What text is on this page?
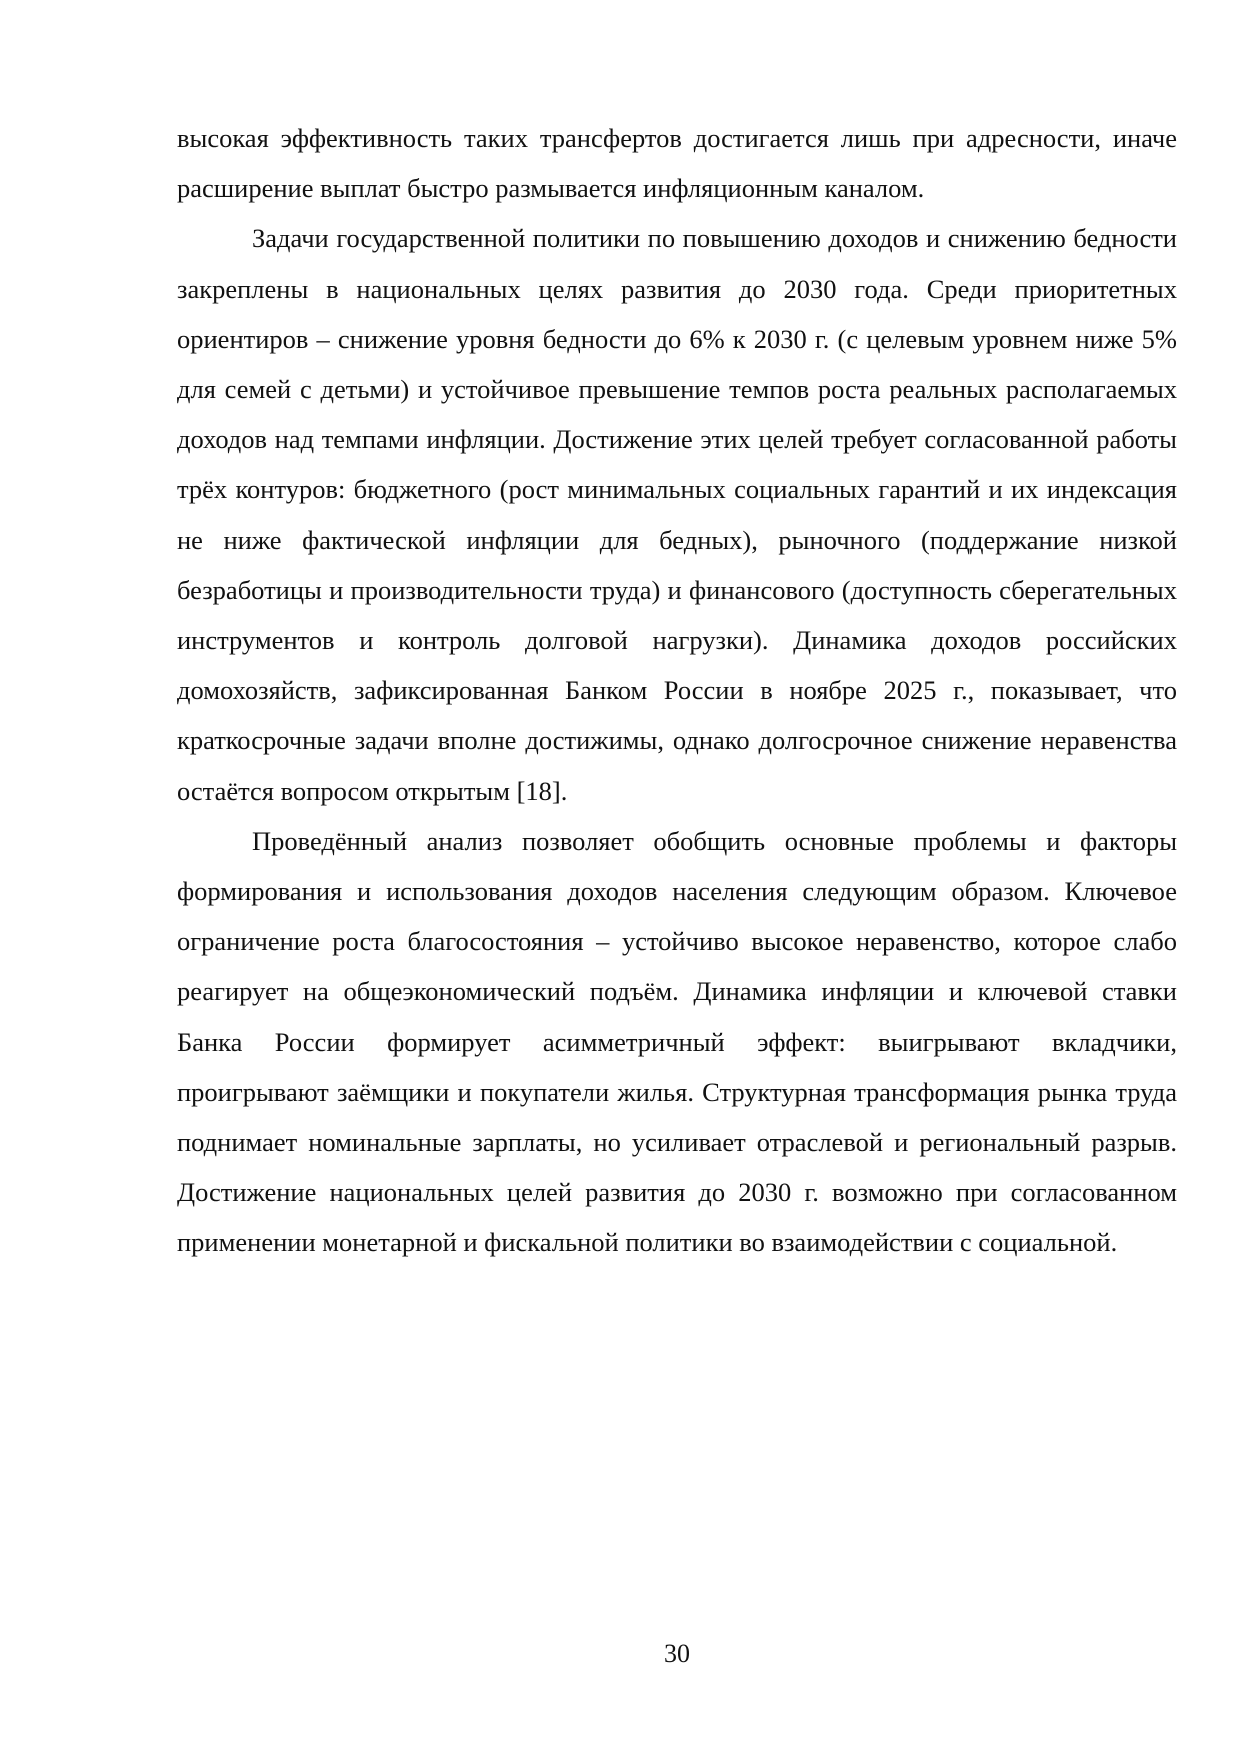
высокая эффективность таких трансфертов достигается лишь при адресности, иначе расширение выплат быстро размывается инфляционным каналом.

Задачи государственной политики по повышению доходов и снижению бедности закреплены в национальных целях развития до 2030 года. Среди приоритетных ориентиров – снижение уровня бедности до 6% к 2030 г. (с целевым уровнем ниже 5% для семей с детьми) и устойчивое превышение темпов роста реальных располагаемых доходов над темпами инфляции. Достижение этих целей требует согласованной работы трёх контуров: бюджетного (рост минимальных социальных гарантий и их индексация не ниже фактической инфляции для бедных), рыночного (поддержание низкой безработицы и производительности труда) и финансового (доступность сберегательных инструментов и контроль долговой нагрузки). Динамика доходов российских домохозяйств, зафиксированная Банком России в ноябре 2025 г., показывает, что краткосрочные задачи вполне достижимы, однако долгосрочное снижение неравенства остаётся вопросом открытым [18].

Проведённый анализ позволяет обобщить основные проблемы и факторы формирования и использования доходов населения следующим образом. Ключевое ограничение роста благосостояния – устойчиво высокое неравенство, которое слабо реагирует на общеэкономический подъём. Динамика инфляции и ключевой ставки Банка России формирует асимметричный эффект: выигрывают вкладчики, проигрывают заёмщики и покупатели жилья. Структурная трансформация рынка труда поднимает номинальные зарплаты, но усиливает отраслевой и региональный разрыв. Достижение национальных целей развития до 2030 г. возможно при согласованном применении монетарной и фискальной политики во взаимодействии с социальной.

30
